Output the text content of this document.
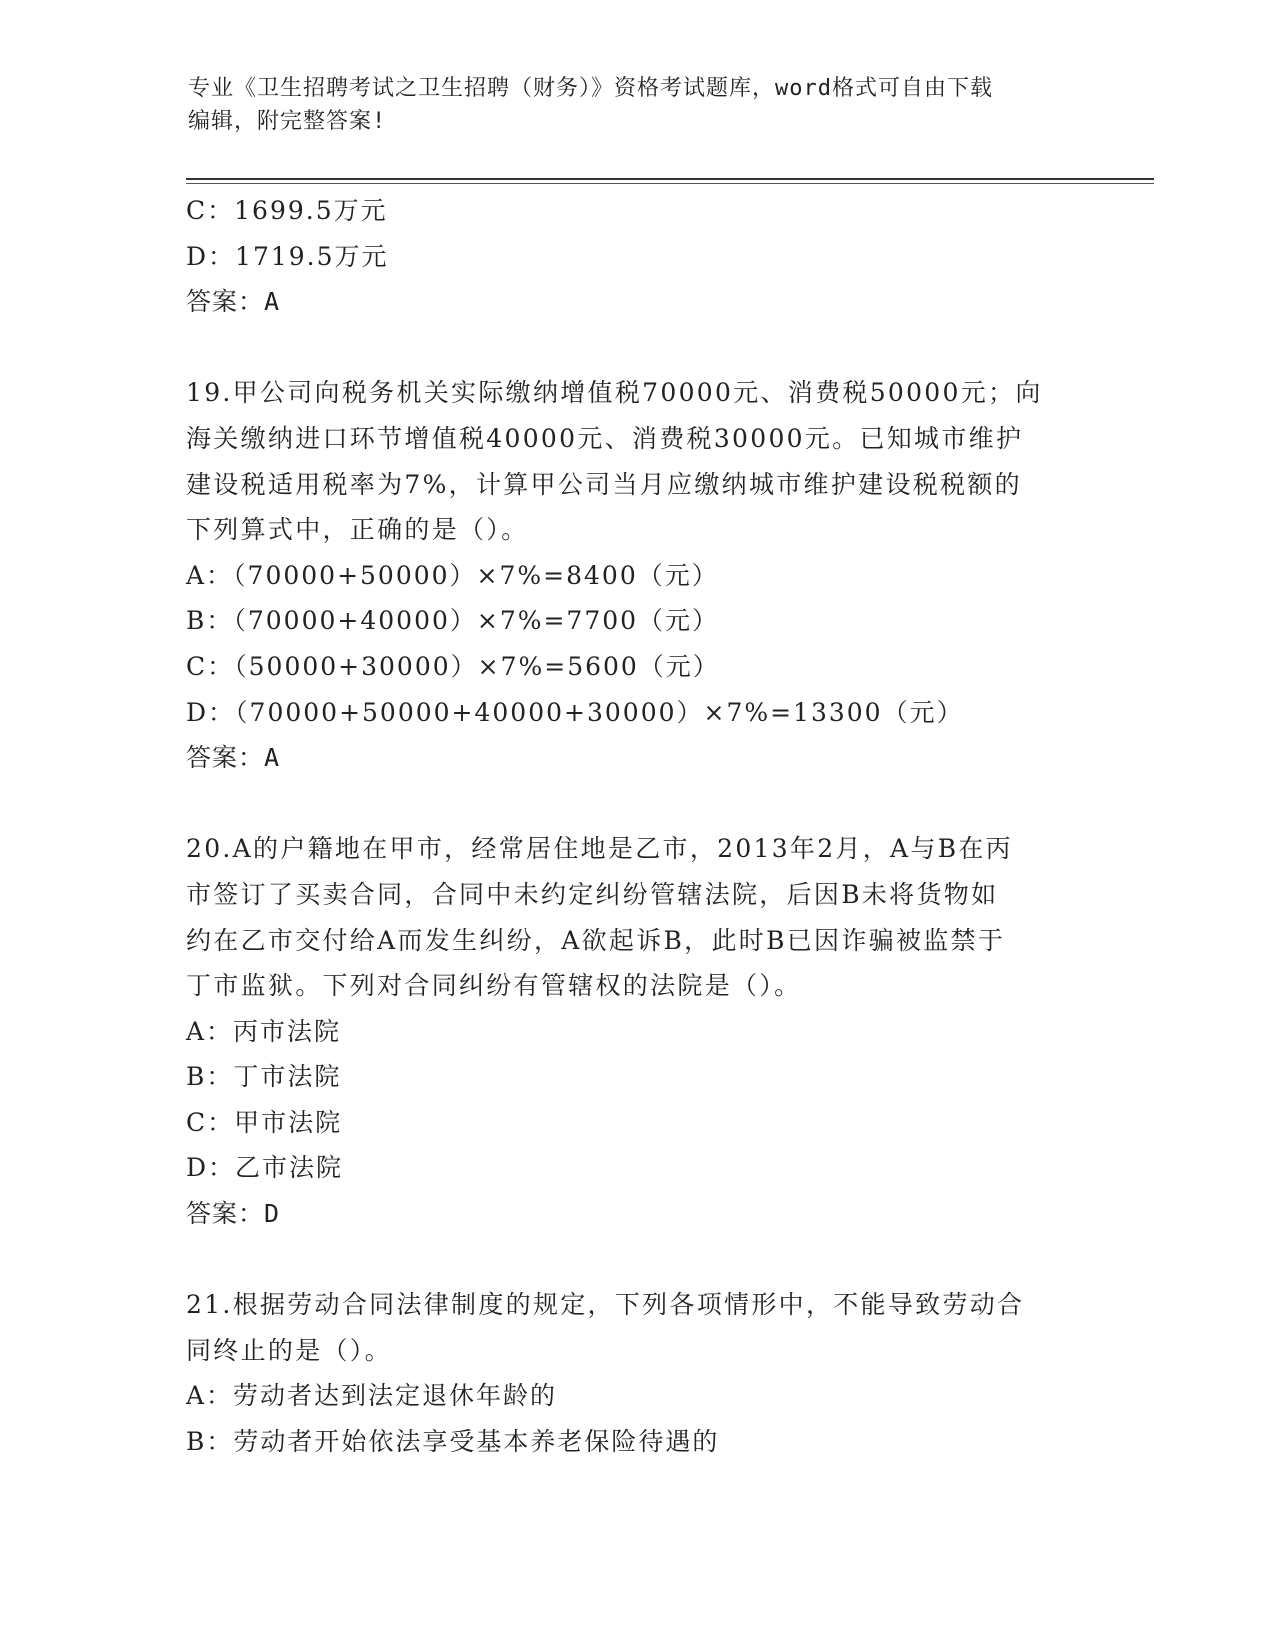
专业《卫生招聘考试之卫生招聘（财务）》资格考试题库，word格式可自由下载
编辑，附完整答案!
C：1699.5万元
D：1719.5万元
答案：A
19.甲公司向税务机关实际缴纳增值税70000元、消费税50000元；向
海关缴纳进口环节增值税40000元、消费税30000元。已知城市维护
建设税适用税率为7%，计算甲公司当月应缴纳城市维护建设税税额的
下列算式中，正确的是（）。
A：（70000+50000）×7%=8400（元）
B：（70000+40000）×7%=7700（元）
C：（50000+30000）×7%=5600（元）
D：（70000+50000+40000+30000）×7%=13300（元）
答案：A
20.A的户籍地在甲市，经常居住地是乙市，2013年2月，A与B在丙
市签订了买卖合同，合同中未约定纠纷管辖法院，后因B未将货物如
约在乙市交付给A而发生纠纷，A欲起诉B，此时B已因诈骗被监禁于
丁市监狱。下列对合同纠纷有管辖权的法院是（）。
A：丙市法院
B：丁市法院
C：甲市法院
D：乙市法院
答案：D
21.根据劳动合同法律制度的规定，下列各项情形中，不能导致劳动合
同终止的是（）。
A：劳动者达到法定退休年龄的
B：劳动者开始依法享受基本养老保险待遇的
